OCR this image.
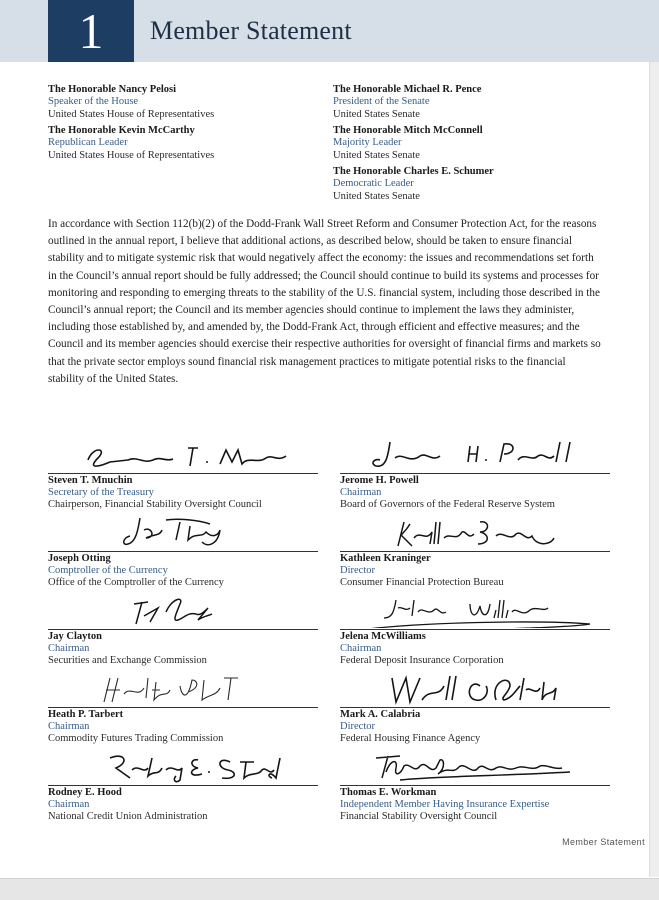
1	Member Statement
The Honorable Nancy Pelosi
Speaker of the House
United States House of Representatives
The Honorable Kevin McCarthy
Republican Leader
United States House of Representatives
The Honorable Michael R. Pence
President of the Senate
United States Senate
The Honorable Mitch McConnell
Majority Leader
United States Senate
The Honorable Charles E. Schumer
Democratic Leader
United States Senate
In accordance with Section 112(b)(2) of the Dodd-Frank Wall Street Reform and Consumer Protection Act, for the reasons outlined in the annual report, I believe that additional actions, as described below, should be taken to ensure financial stability and to mitigate systemic risk that would negatively affect the economy: the issues and recommendations set forth in the Council’s annual report should be fully addressed; the Council should continue to build its systems and processes for monitoring and responding to emerging threats to the stability of the U.S. financial system, including those described in the Council’s annual report; the Council and its member agencies should continue to implement the laws they administer, including those established by, and amended by, the Dodd-Frank Act, through efficient and effective measures; and the Council and its member agencies should exercise their respective authorities for oversight of financial firms and markets so that the private sector employs sound financial risk management practices to mitigate potential risks to the financial stability of the United States.
Steven T. Mnuchin
Secretary of the Treasury
Chairperson, Financial Stability Oversight Council
Jerome H. Powell
Chairman
Board of Governors of the Federal Reserve System
Joseph Otting
Comptroller of the Currency
Office of the Comptroller of the Currency
Kathleen Kraninger
Director
Consumer Financial Protection Bureau
Jay Clayton
Chairman
Securities and Exchange Commission
Jelena McWilliams
Chairman
Federal Deposit Insurance Corporation
Heath P. Tarbert
Chairman
Commodity Futures Trading Commission
Mark A. Calabria
Director
Federal Housing Finance Agency
Rodney E. Hood
Chairman
National Credit Union Administration
Thomas E. Workman
Independent Member Having Insurance Expertise
Financial Stability Oversight Council
Member Statement
